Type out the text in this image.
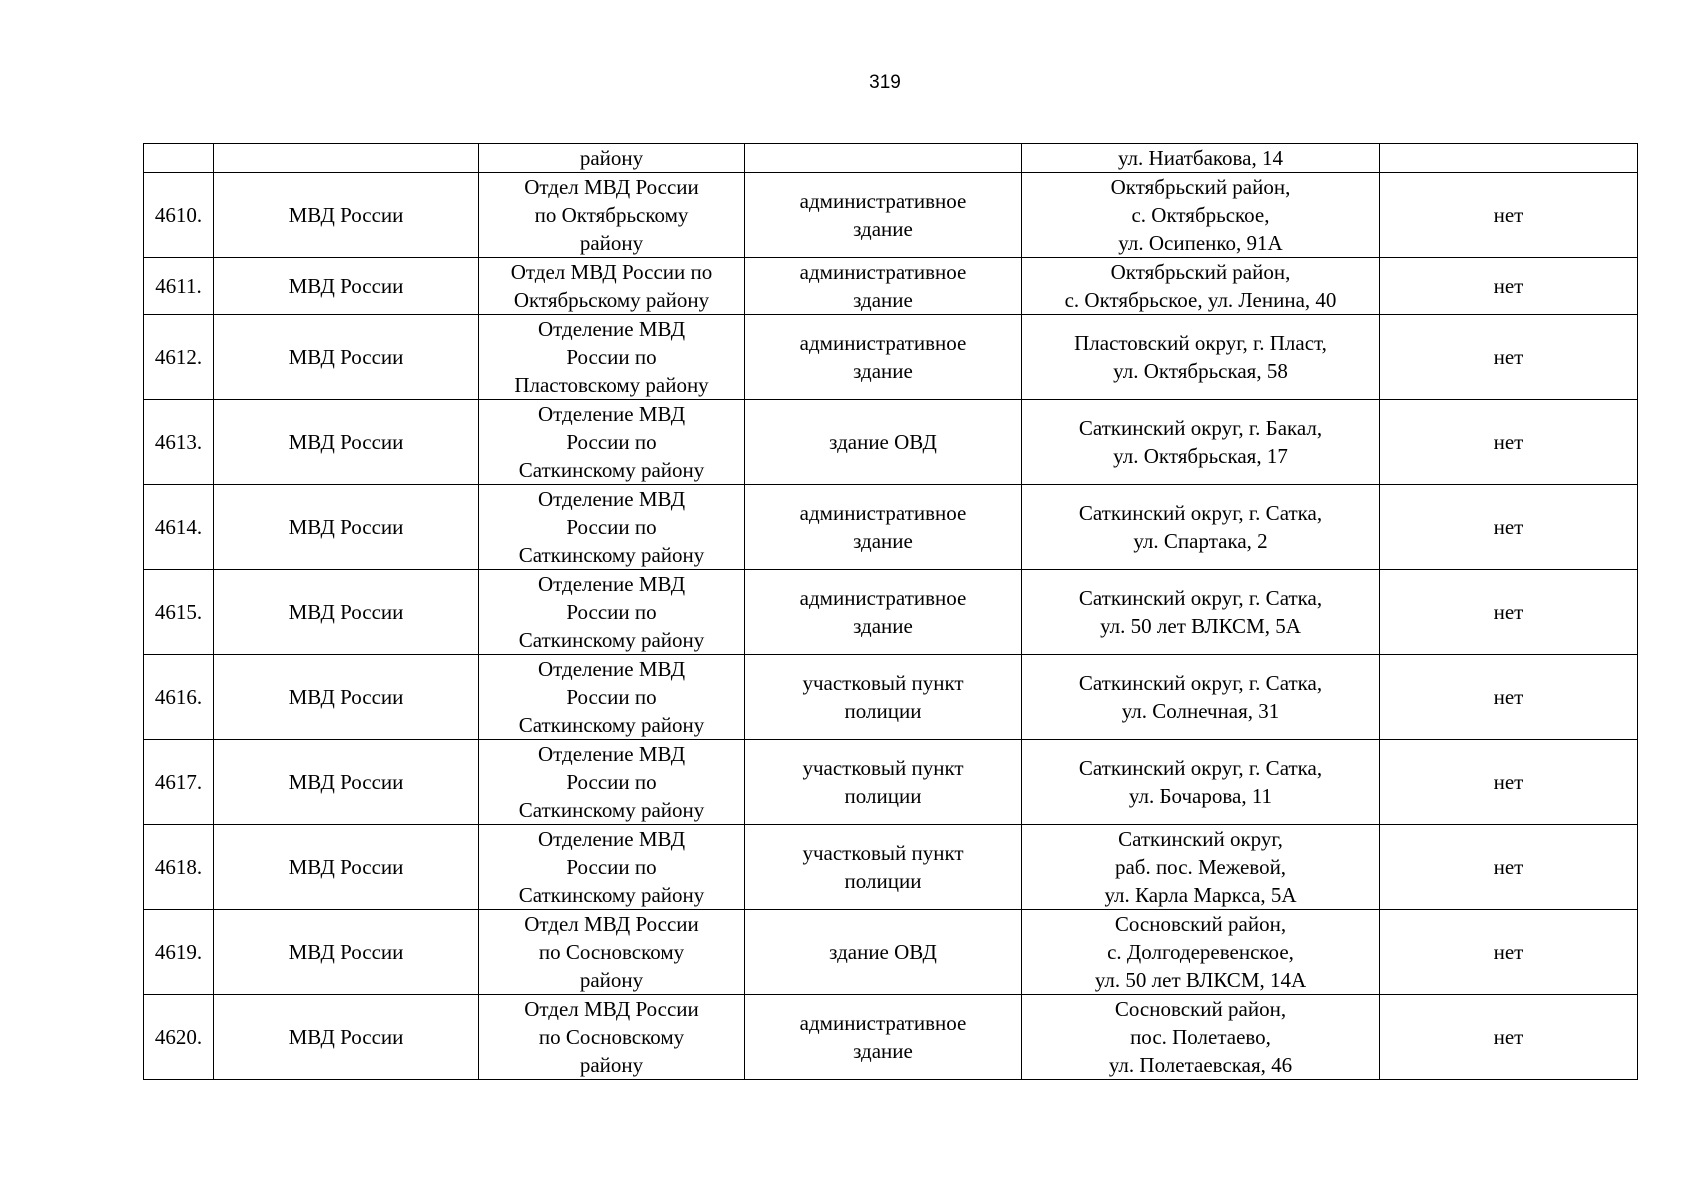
319
		району		ул. Ниатбакова, 14	
4610.	МВД России	Отдел МВД России
по Октябрьскому
району	административное
здание	Октябрьский район,
с. Октябрьское,
ул. Осипенко, 91А	нет
4611.	МВД России	Отдел МВД России по
Октябрьскому району	административное
здание	Октябрьский район,
с. Октябрьское, ул. Ленина, 40	нет
4612.	МВД России	Отделение МВД
России по
Пластовскому району	административное
здание	Пластовский округ, г. Пласт,
ул. Октябрьская, 58	нет
4613.	МВД России	Отделение МВД
России по
Саткинскому району	здание ОВД	Саткинский округ, г. Бакал,
ул. Октябрьская, 17	нет
4614.	МВД России	Отделение МВД
России по
Саткинскому району	административное
здание	Саткинский округ, г. Сатка,
ул. Спартака, 2	нет
4615.	МВД России	Отделение МВД
России по
Саткинскому району	административное
здание	Саткинский округ, г. Сатка,
ул. 50 лет ВЛКСМ, 5А	нет
4616.	МВД России	Отделение МВД
России по
Саткинскому району	участковый пункт
полиции	Саткинский округ, г. Сатка,
ул. Солнечная, 31	нет
4617.	МВД России	Отделение МВД
России по
Саткинскому району	участковый пункт
полиции	Саткинский округ, г. Сатка,
ул. Бочарова, 11	нет
4618.	МВД России	Отделение МВД
России по
Саткинскому району	участковый пункт
полиции	Саткинский округ,
раб. пос. Межевой,
ул. Карла Маркса, 5А	нет
4619.	МВД России	Отдел МВД России
по Сосновскому
району	здание ОВД	Сосновский район,
с. Долгодеревенское,
ул. 50 лет ВЛКСМ, 14А	нет
4620.	МВД России	Отдел МВД России
по Сосновскому
району	административное
здание	Сосновский район,
пос. Полетаево,
ул. Полетаевская, 46	нет
